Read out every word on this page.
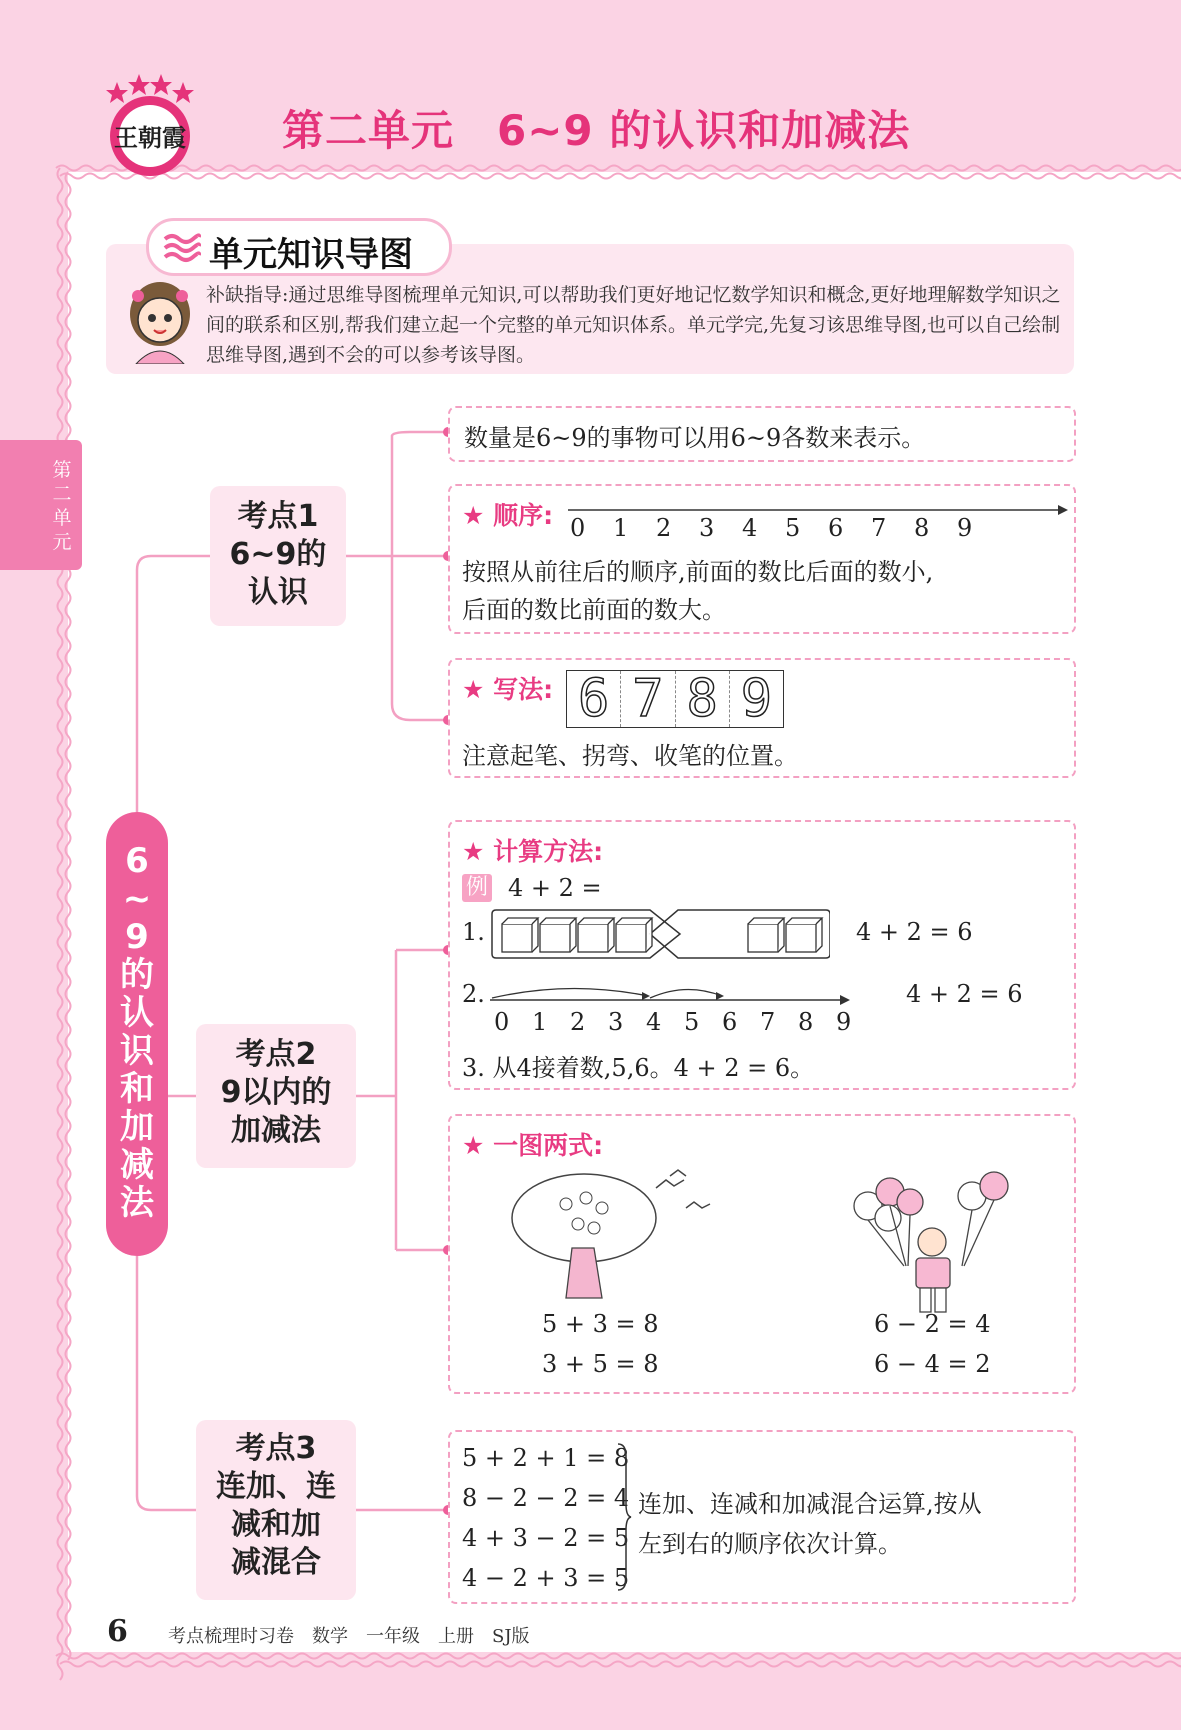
王朝霞 第二单元　6~9 的认识和加减法
第二单元
补缺指导:通过思维导图梳理单元知识,可以帮助我们更好地记忆数学知识和概念,更好地理解数学知识之间的联系和区别,帮我们建立起一个完整的单元知识体系。单元学完,先复习该思维导图,也可以自己绘制思维导图,遇到不会的可以参考该导图。
单元知识导图
6
~
9
的
认
识
和
加
减
法
考点1
6~9的
认识
数量是6~9的事物可以用6~9各数来表示。
★ 顺序: 0 1 2 3 4 5 6 7 8 9
按照从前往后的顺序,前面的数比后面的数小,
后面的数比前面的数大。
★ 写法: 6 7 8 9
注意起笔、拐弯、收笔的位置。
考点2
9以内的
加减法
★ 计算方法:
例 4 + 2 =
1.	4 + 2 = 6
2.
0 1 2 3 4 5 6 7 8 9
4 + 2 = 6
3. 从4接着数,5,6。4 + 2 = 6。
★ 一图两式:
5 + 3 = 8
3 + 5 = 8
6 − 2 = 4
6 − 4 = 2
考点3
连加、连
减和加
减混合
5 + 2 + 1 = 8
8 − 2 − 2 = 4
4 + 3 − 2 = 5
4 − 2 + 3 = 5
连加、连减和加减混合运算,按从
左到右的顺序依次计算。
6 考点梳理时习卷　数学　一年级　上册　SJ版
